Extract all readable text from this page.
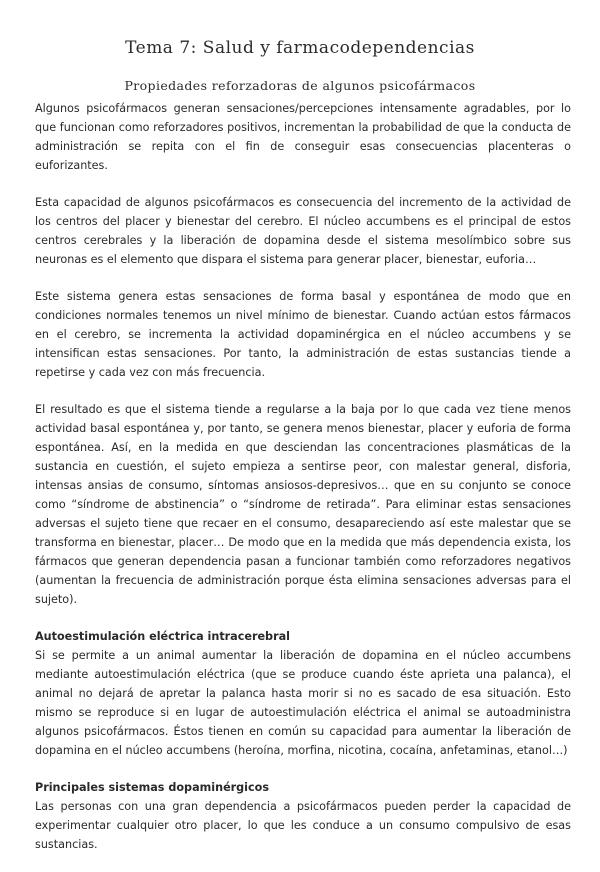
Tema 7: Salud y farmacodependencias
Propiedades reforzadoras de algunos psicofármacos

Algunos psicofármacos generan sensaciones/percepciones intensamente agradables, por lo que funcionan como reforzadores positivos, incrementan la probabilidad de que la conducta de administración se repita con el fin de conseguir esas consecuencias placenteras o euforizantes.

Esta capacidad de algunos psicofármacos es consecuencia del incremento de la actividad de los centros del placer y bienestar del cerebro. El núcleo accumbens es el principal de estos centros cerebrales y la liberación de dopamina desde el sistema mesolímbico sobre sus neuronas es el elemento que dispara el sistema para generar placer, bienestar, euforia…

Este sistema genera estas sensaciones de forma basal y espontánea de modo que en condiciones normales tenemos un nivel mínimo de bienestar. Cuando actúan estos fármacos en el cerebro, se incrementa la actividad dopaminérgica en el núcleo accumbens y se intensifican estas sensaciones. Por tanto, la administración de estas sustancias tiende a repetirse y cada vez con más frecuencia.

El resultado es que el sistema tiende a regularse a la baja por lo que cada vez tiene menos actividad basal espontánea y, por tanto, se genera menos bienestar, placer y euforia de forma espontánea. Así, en la medida en que desciendan las concentraciones plasmáticas de la sustancia en cuestión, el sujeto empieza a sentirse peor, con malestar general, disforia, intensas ansias de consumo, síntomas ansiosos-depresivos… que en su conjunto se conoce como “síndrome de abstinencia” o “síndrome de retirada”. Para eliminar estas sensaciones adversas el sujeto tiene que recaer en el consumo, desapareciendo así este malestar que se transforma en bienestar, placer… De modo que en la medida que más dependencia exista, los fármacos que generan dependencia pasan a funcionar también como reforzadores negativos (aumentan la frecuencia de administración porque ésta elimina sensaciones adversas para el sujeto).

Autoestimulación eléctrica intracerebral

Si se permite a un animal aumentar la liberación de dopamina en el núcleo accumbens mediante autoestimulación eléctrica (que se produce cuando éste aprieta una palanca), el animal no dejará de apretar la palanca hasta morir si no es sacado de esa situación. Esto mismo se reproduce si en lugar de autoestimulación eléctrica el animal se autoadministra algunos psicofármacos. Éstos tienen en común su capacidad para aumentar la liberación de dopamina en el núcleo accumbens (heroína, morfina, nicotina, cocaína, anfetaminas, etanol…)

Principales sistemas dopaminérgicos

Las personas con una gran dependencia a psicofármacos pueden perder la capacidad de experimentar cualquier otro placer, lo que les conduce a un consumo compulsivo de esas sustancias.
